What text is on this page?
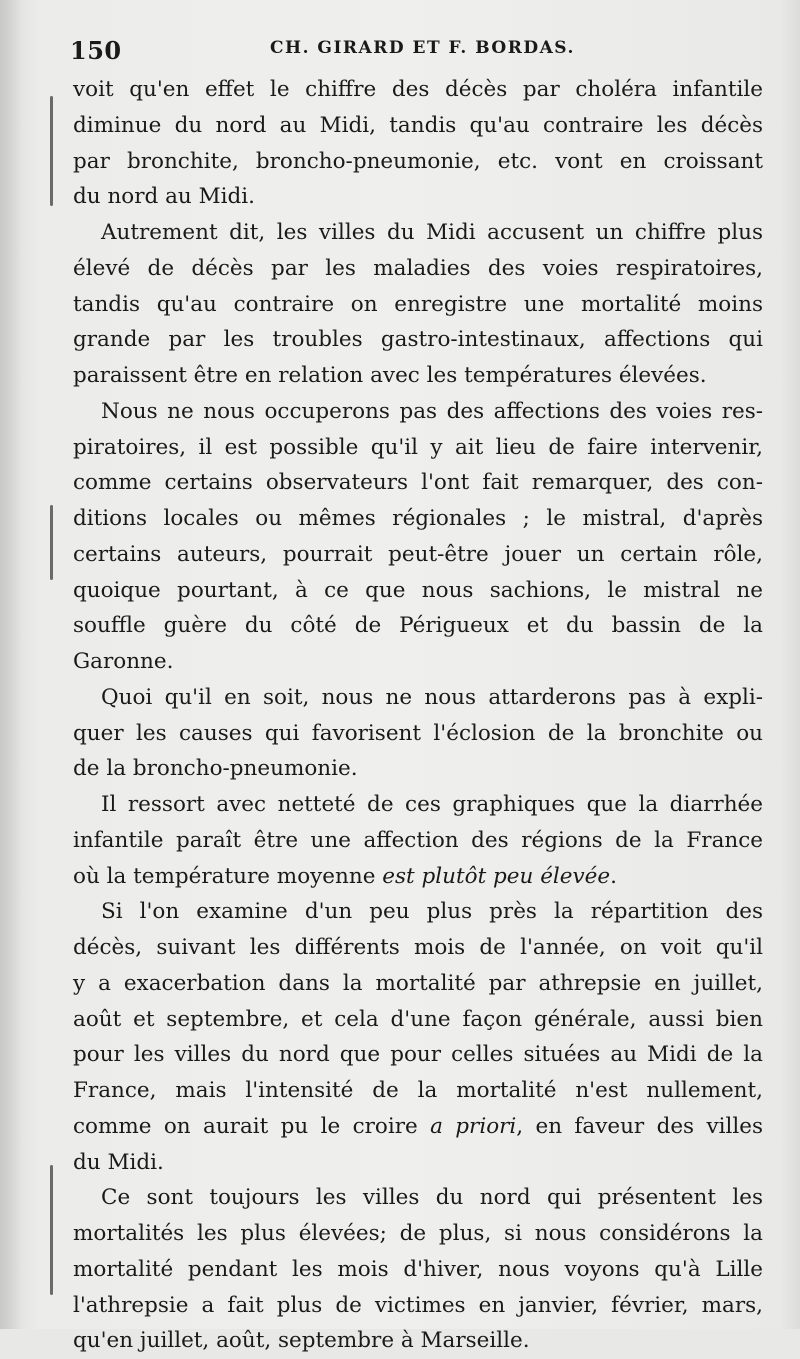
150	CH. GIRARD ET F. BORDAS.
voit qu'en effet le chiffre des décès par choléra infantile
diminue du nord au Midi, tandis qu'au contraire les décès
par bronchite, broncho-pneumonie, etc. vont en croissant
du nord au Midi.
Autrement dit, les villes du Midi accusent un chiffre plus
élevé de décès par les maladies des voies respiratoires,
tandis qu'au contraire on enregistre une mortalité moins
grande par les troubles gastro-intestinaux, affections qui
paraissent être en relation avec les températures élevées.
Nous ne nous occuperons pas des affections des voies res-
piratoires, il est possible qu'il y ait lieu de faire intervenir,
comme certains observateurs l'ont fait remarquer, des con-
ditions locales ou mêmes régionales ; le mistral, d'après
certains auteurs, pourrait peut-être jouer un certain rôle,
quoique pourtant, à ce que nous sachions, le mistral ne
souffle guère du côté de Périgueux et du bassin de la
Garonne.
Quoi qu'il en soit, nous ne nous attarderons pas à expli-
quer les causes qui favorisent l'éclosion de la bronchite ou
de la broncho-pneumonie.
Il ressort avec netteté de ces graphiques que la diarrhée
infantile paraît être une affection des régions de la France
où la température moyenne est plutôt peu élevée.
Si l'on examine d'un peu plus près la répartition des
décès, suivant les différents mois de l'année, on voit qu'il
y a exacerbation dans la mortalité par athrepsie en juillet,
août et septembre, et cela d'une façon générale, aussi bien
pour les villes du nord que pour celles situées au Midi de la
France, mais l'intensité de la mortalité n'est nullement,
comme on aurait pu le croire a priori, en faveur des villes
du Midi.
Ce sont toujours les villes du nord qui présentent les
mortalités les plus élevées; de plus, si nous considérons la
mortalité pendant les mois d'hiver, nous voyons qu'à Lille
l'athrepsie a fait plus de victimes en janvier, février, mars,
qu'en juillet, août, septembre à Marseille.
